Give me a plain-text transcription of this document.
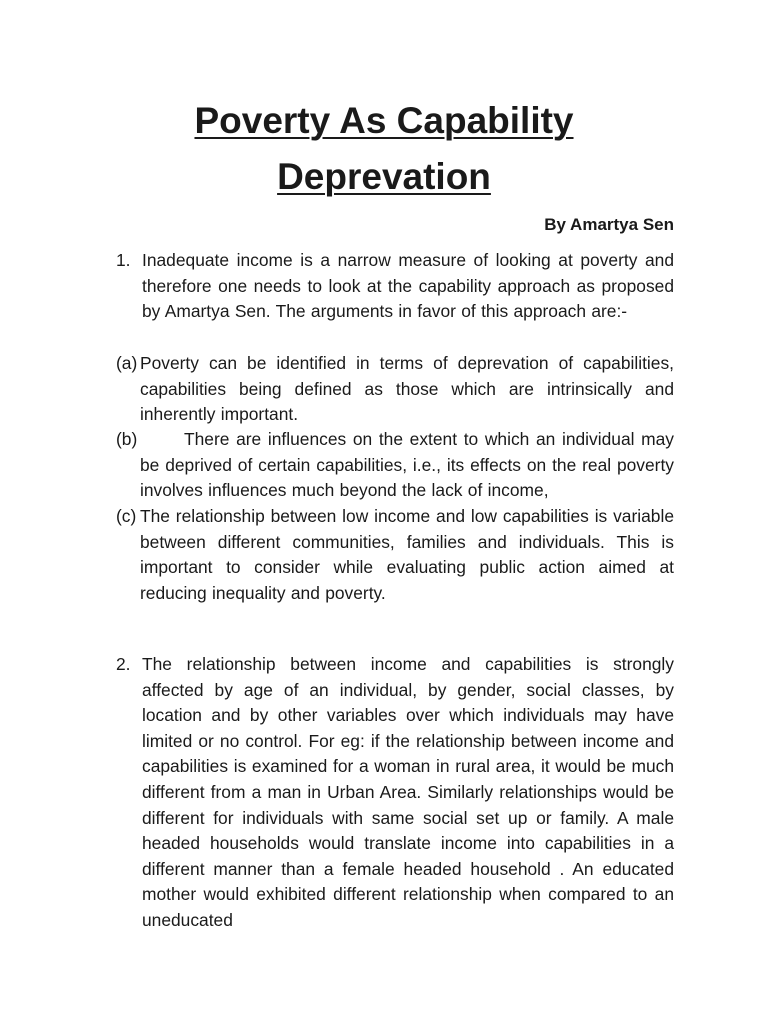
Poverty As Capability
Deprevation
By Amartya Sen
1. Inadequate income is a narrow measure of looking at poverty and therefore one needs to look at the capability approach as proposed by Amartya Sen. The arguments in favor of this approach are:-
(a) Poverty can be identified in terms of deprevation of capabilities, capabilities being defined as those which are intrinsically and inherently important.
(b)	There are influences on the extent to which an individual may be deprived of certain capabilities, i.e., its effects on the real poverty involves influences much beyond the lack of income,
(c) The relationship between low income and low capabilities is variable between different communities, families and individuals. This is important to consider while evaluating public action aimed at reducing inequality and poverty.
2. The relationship between income and capabilities is strongly affected by age of an individual, by gender, social classes, by location and by other variables over which individuals may have limited or no control. For eg: if the relationship between income and capabilities is examined for a woman in rural area, it would be much different from a man in Urban Area. Similarly relationships would be different for individuals with same social set up or family. A male headed households would translate income into capabilities in a different manner than a female headed household . An educated mother would exhibited different relationship when compared to an uneducated
